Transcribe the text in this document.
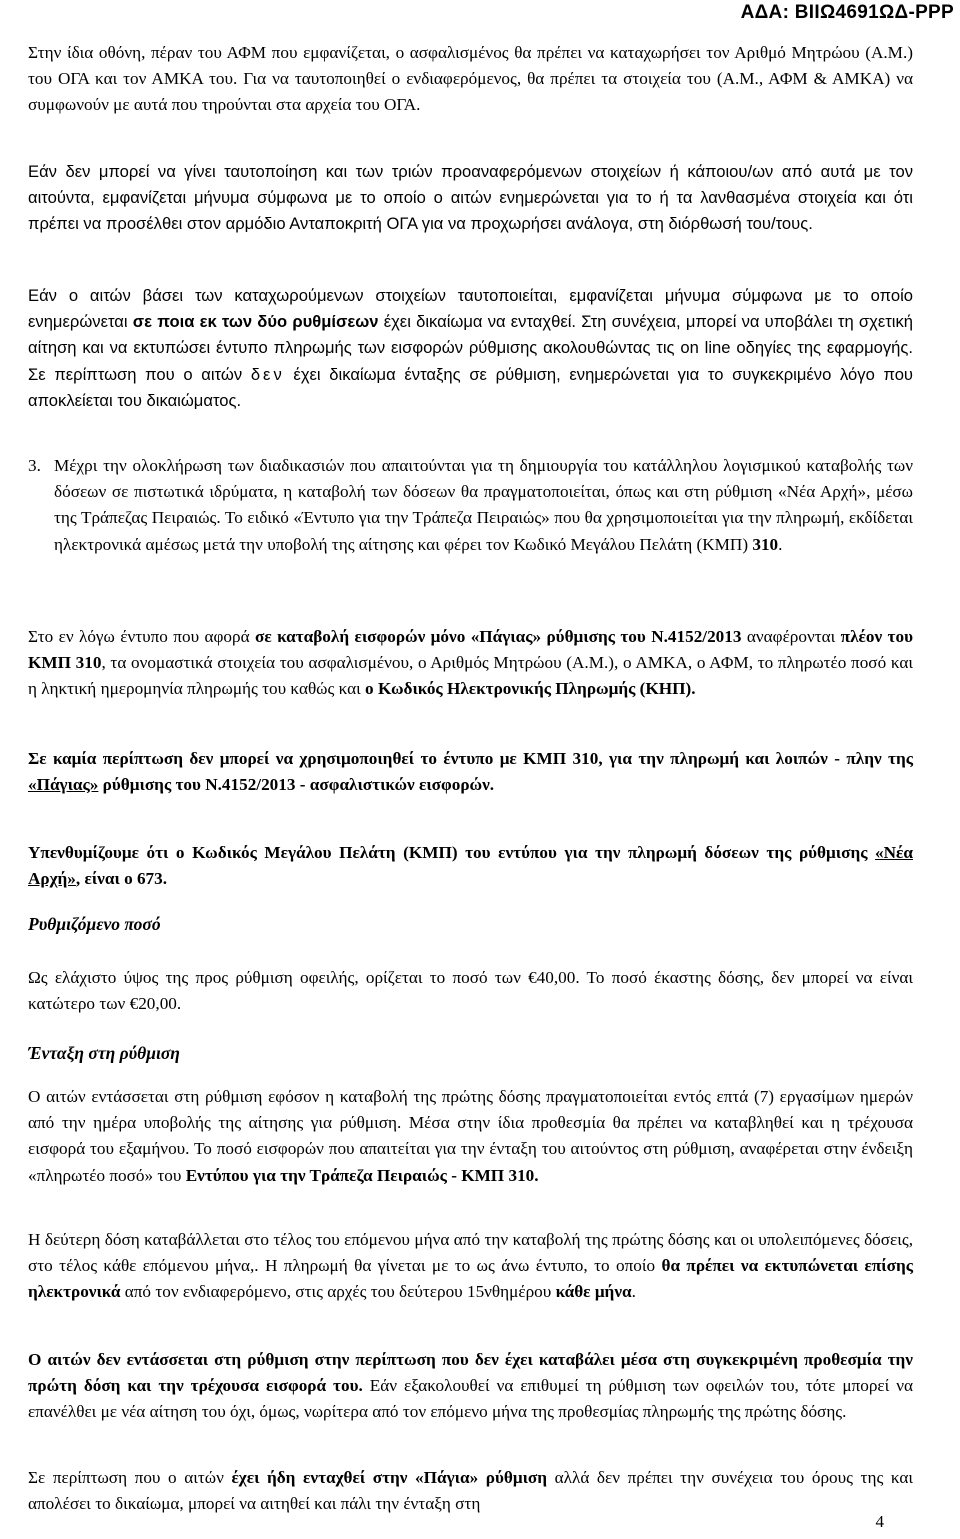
ΑΔΑ: ΒΙΙΩ4691ΩΔ-ΡΡΡ

Στην ίδια οθόνη, πέραν του ΑΦΜ που εμφανίζεται, ο ασφαλισμένος θα πρέπει να καταχωρήσει τον Αριθμό Μητρώου (Α.Μ.) του ΟΓΑ και τον ΑΜΚΑ του. Για να ταυτοποιηθεί ο ενδιαφερόμενος, θα πρέπει τα στοιχεία του (Α.Μ., ΑΦΜ & ΑΜΚΑ) να συμφωνούν με αυτά που τηρούνται στα αρχεία του ΟΓΑ.

Εάν δεν μπορεί να γίνει ταυτοποίηση και των τριών προαναφερόμενων στοιχείων ή κάποιου/ων από αυτά με τον αιτούντα, εμφανίζεται μήνυμα σύμφωνα με το οποίο ο αιτών ενημερώνεται για το ή τα λανθασμένα στοιχεία και ότι πρέπει να προσέλθει στον αρμόδιο Ανταποκριτή ΟΓΑ για να προχωρήσει ανάλογα, στη διόρθωσή του/τους.

Εάν ο αιτών βάσει των καταχωρούμενων στοιχείων ταυτοποιείται, εμφανίζεται μήνυμα σύμφωνα με το οποίο ενημερώνεται σε ποια εκ των δύο ρυθμίσεων έχει δικαίωμα να ενταχθεί. Στη συνέχεια, μπορεί να υποβάλει τη σχετική αίτηση και να εκτυπώσει έντυπο πληρωμής των εισφορών ρύθμισης ακολουθώντας τις on line οδηγίες της εφαρμογής. Σε περίπτωση που ο αιτών δεν έχει δικαίωμα ένταξης σε ρύθμιση, ενημερώνεται για το συγκεκριμένο λόγο που αποκλείεται του δικαιώματος.

3. Μέχρι την ολοκλήρωση των διαδικασιών που απαιτούνται για τη δημιουργία του κατάλληλου λογισμικού καταβολής των δόσεων σε πιστωτικά ιδρύματα, η καταβολή των δόσεων θα πραγματοποιείται, όπως και στη ρύθμιση «Νέα Αρχή», μέσω της Τράπεζας Πειραιώς. Το ειδικό «Έντυπο για την Τράπεζα Πειραιώς» που θα χρησιμοποιείται για την πληρωμή, εκδίδεται ηλεκτρονικά αμέσως μετά την υποβολή της αίτησης και φέρει τον Κωδικό Μεγάλου Πελάτη (ΚΜΠ) 310.

Στο εν λόγω έντυπο που αφορά σε καταβολή εισφορών μόνο «Πάγιας» ρύθμισης του Ν.4152/2013 αναφέρονται πλέον του ΚΜΠ 310, τα ονομαστικά στοιχεία του ασφαλισμένου, ο Αριθμός Μητρώου (Α.Μ.), ο ΑΜΚΑ, ο ΑΦΜ, το πληρωτέο ποσό και η ληκτική ημερομηνία πληρωμής του καθώς και ο Κωδικός Ηλεκτρονικής Πληρωμής (ΚΗΠ).

Σε καμία περίπτωση δεν μπορεί να χρησιμοποιηθεί το έντυπο με ΚΜΠ 310, για την πληρωμή και λοιπών - πλην της «Πάγιας» ρύθμισης του Ν.4152/2013 - ασφαλιστικών εισφορών.

Υπενθυμίζουμε ότι ο Κωδικός Μεγάλου Πελάτη (ΚΜΠ) του εντύπου για την πληρωμή δόσεων της ρύθμισης «Νέα Αρχή», είναι ο 673.

Ρυθμιζόμενο ποσό

Ως ελάχιστο ύψος της προς ρύθμιση οφειλής, ορίζεται το ποσό των €40,00. Το ποσό έκαστης δόσης, δεν μπορεί να είναι κατώτερο των €20,00.

Ένταξη στη ρύθμιση

Ο αιτών εντάσσεται στη ρύθμιση εφόσον η καταβολή της πρώτης δόσης πραγματοποιείται εντός επτά (7) εργασίμων ημερών από την ημέρα υποβολής της αίτησης για ρύθμιση. Μέσα στην ίδια προθεσμία θα πρέπει να καταβληθεί και η τρέχουσα εισφορά του εξαμήνου. Το ποσό εισφορών που απαιτείται για την ένταξη του αιτούντος στη ρύθμιση, αναφέρεται στην ένδειξη «πληρωτέο ποσό» του Εντύπου για την Τράπεζα Πειραιώς - ΚΜΠ 310.

Η δεύτερη δόση καταβάλλεται στο τέλος του επόμενου μήνα από την καταβολή της πρώτης δόσης και οι υπολειπόμενες δόσεις, στο τέλος κάθε επόμενου μήνα,. Η πληρωμή θα γίνεται με το ως άνω έντυπο, το οποίο θα πρέπει να εκτυπώνεται επίσης ηλεκτρονικά από τον ενδιαφερόμενο, στις αρχές του δεύτερου 15νθημέρου κάθε μήνα.

Ο αιτών δεν εντάσσεται στη ρύθμιση στην περίπτωση που δεν έχει καταβάλει μέσα στη συγκεκριμένη προθεσμία την πρώτη δόση και την τρέχουσα εισφορά του. Εάν εξακολουθεί να επιθυμεί τη ρύθμιση των οφειλών του, τότε μπορεί να επανέλθει με νέα αίτηση του όχι, όμως, νωρίτερα από τον επόμενο μήνα της προθεσμίας πληρωμής της πρώτης δόσης.

Σε περίπτωση που ο αιτών έχει ήδη ενταχθεί στην «Πάγια» ρύθμιση αλλά δεν πρέπει την συνέχεια του όρους της και απολέσει το δικαίωμα, μπορεί να αιτηθεί και πάλι την ένταξη στη

4
